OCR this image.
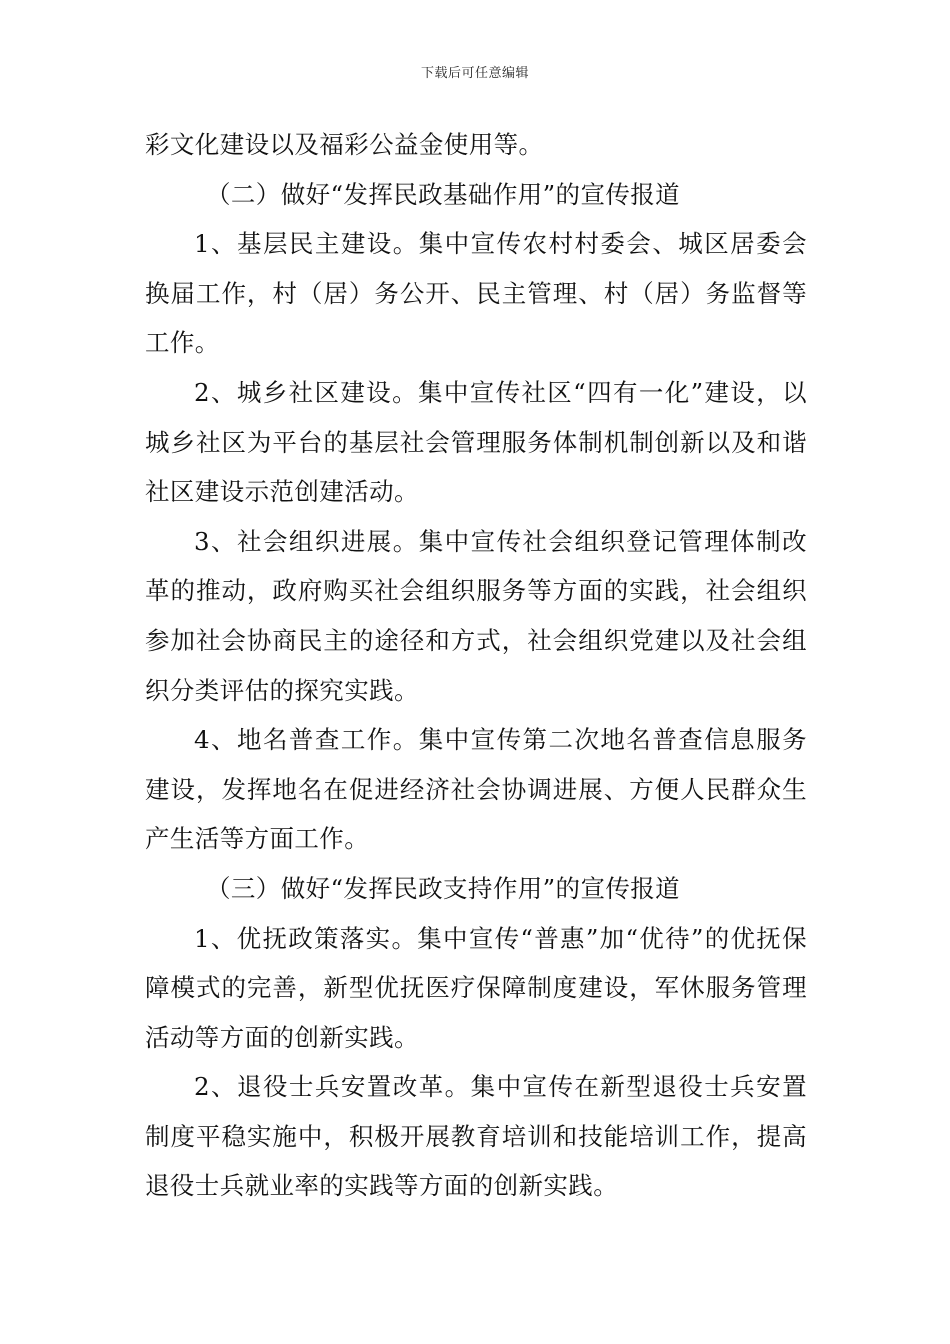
下载后可任意编辑

彩文化建设以及福彩公益金使用等。

（二）做好“发挥民政基础作用”的宣传报道

1、基层民主建设。集中宣传农村村委会、城区居委会换届工作，村（居）务公开、民主管理、村（居）务监督等工作。

2、城乡社区建设。集中宣传社区“四有一化”建设，以城乡社区为平台的基层社会管理服务体制机制创新以及和谐社区建设示范创建活动。

3、社会组织进展。集中宣传社会组织登记管理体制改革的推动，政府购买社会组织服务等方面的实践，社会组织参加社会协商民主的途径和方式，社会组织党建以及社会组织分类评估的探究实践。

4、地名普查工作。集中宣传第二次地名普查信息服务建设，发挥地名在促进经济社会协调进展、方便人民群众生产生活等方面工作。

（三）做好“发挥民政支持作用”的宣传报道

1、优抚政策落实。集中宣传“普惠”加“优待”的优抚保障模式的完善，新型优抚医疗保障制度建设，军休服务管理活动等方面的创新实践。

2、退役士兵安置改革。集中宣传在新型退役士兵安置制度平稳实施中，积极开展教育培训和技能培训工作，提高退役士兵就业率的实践等方面的创新实践。
